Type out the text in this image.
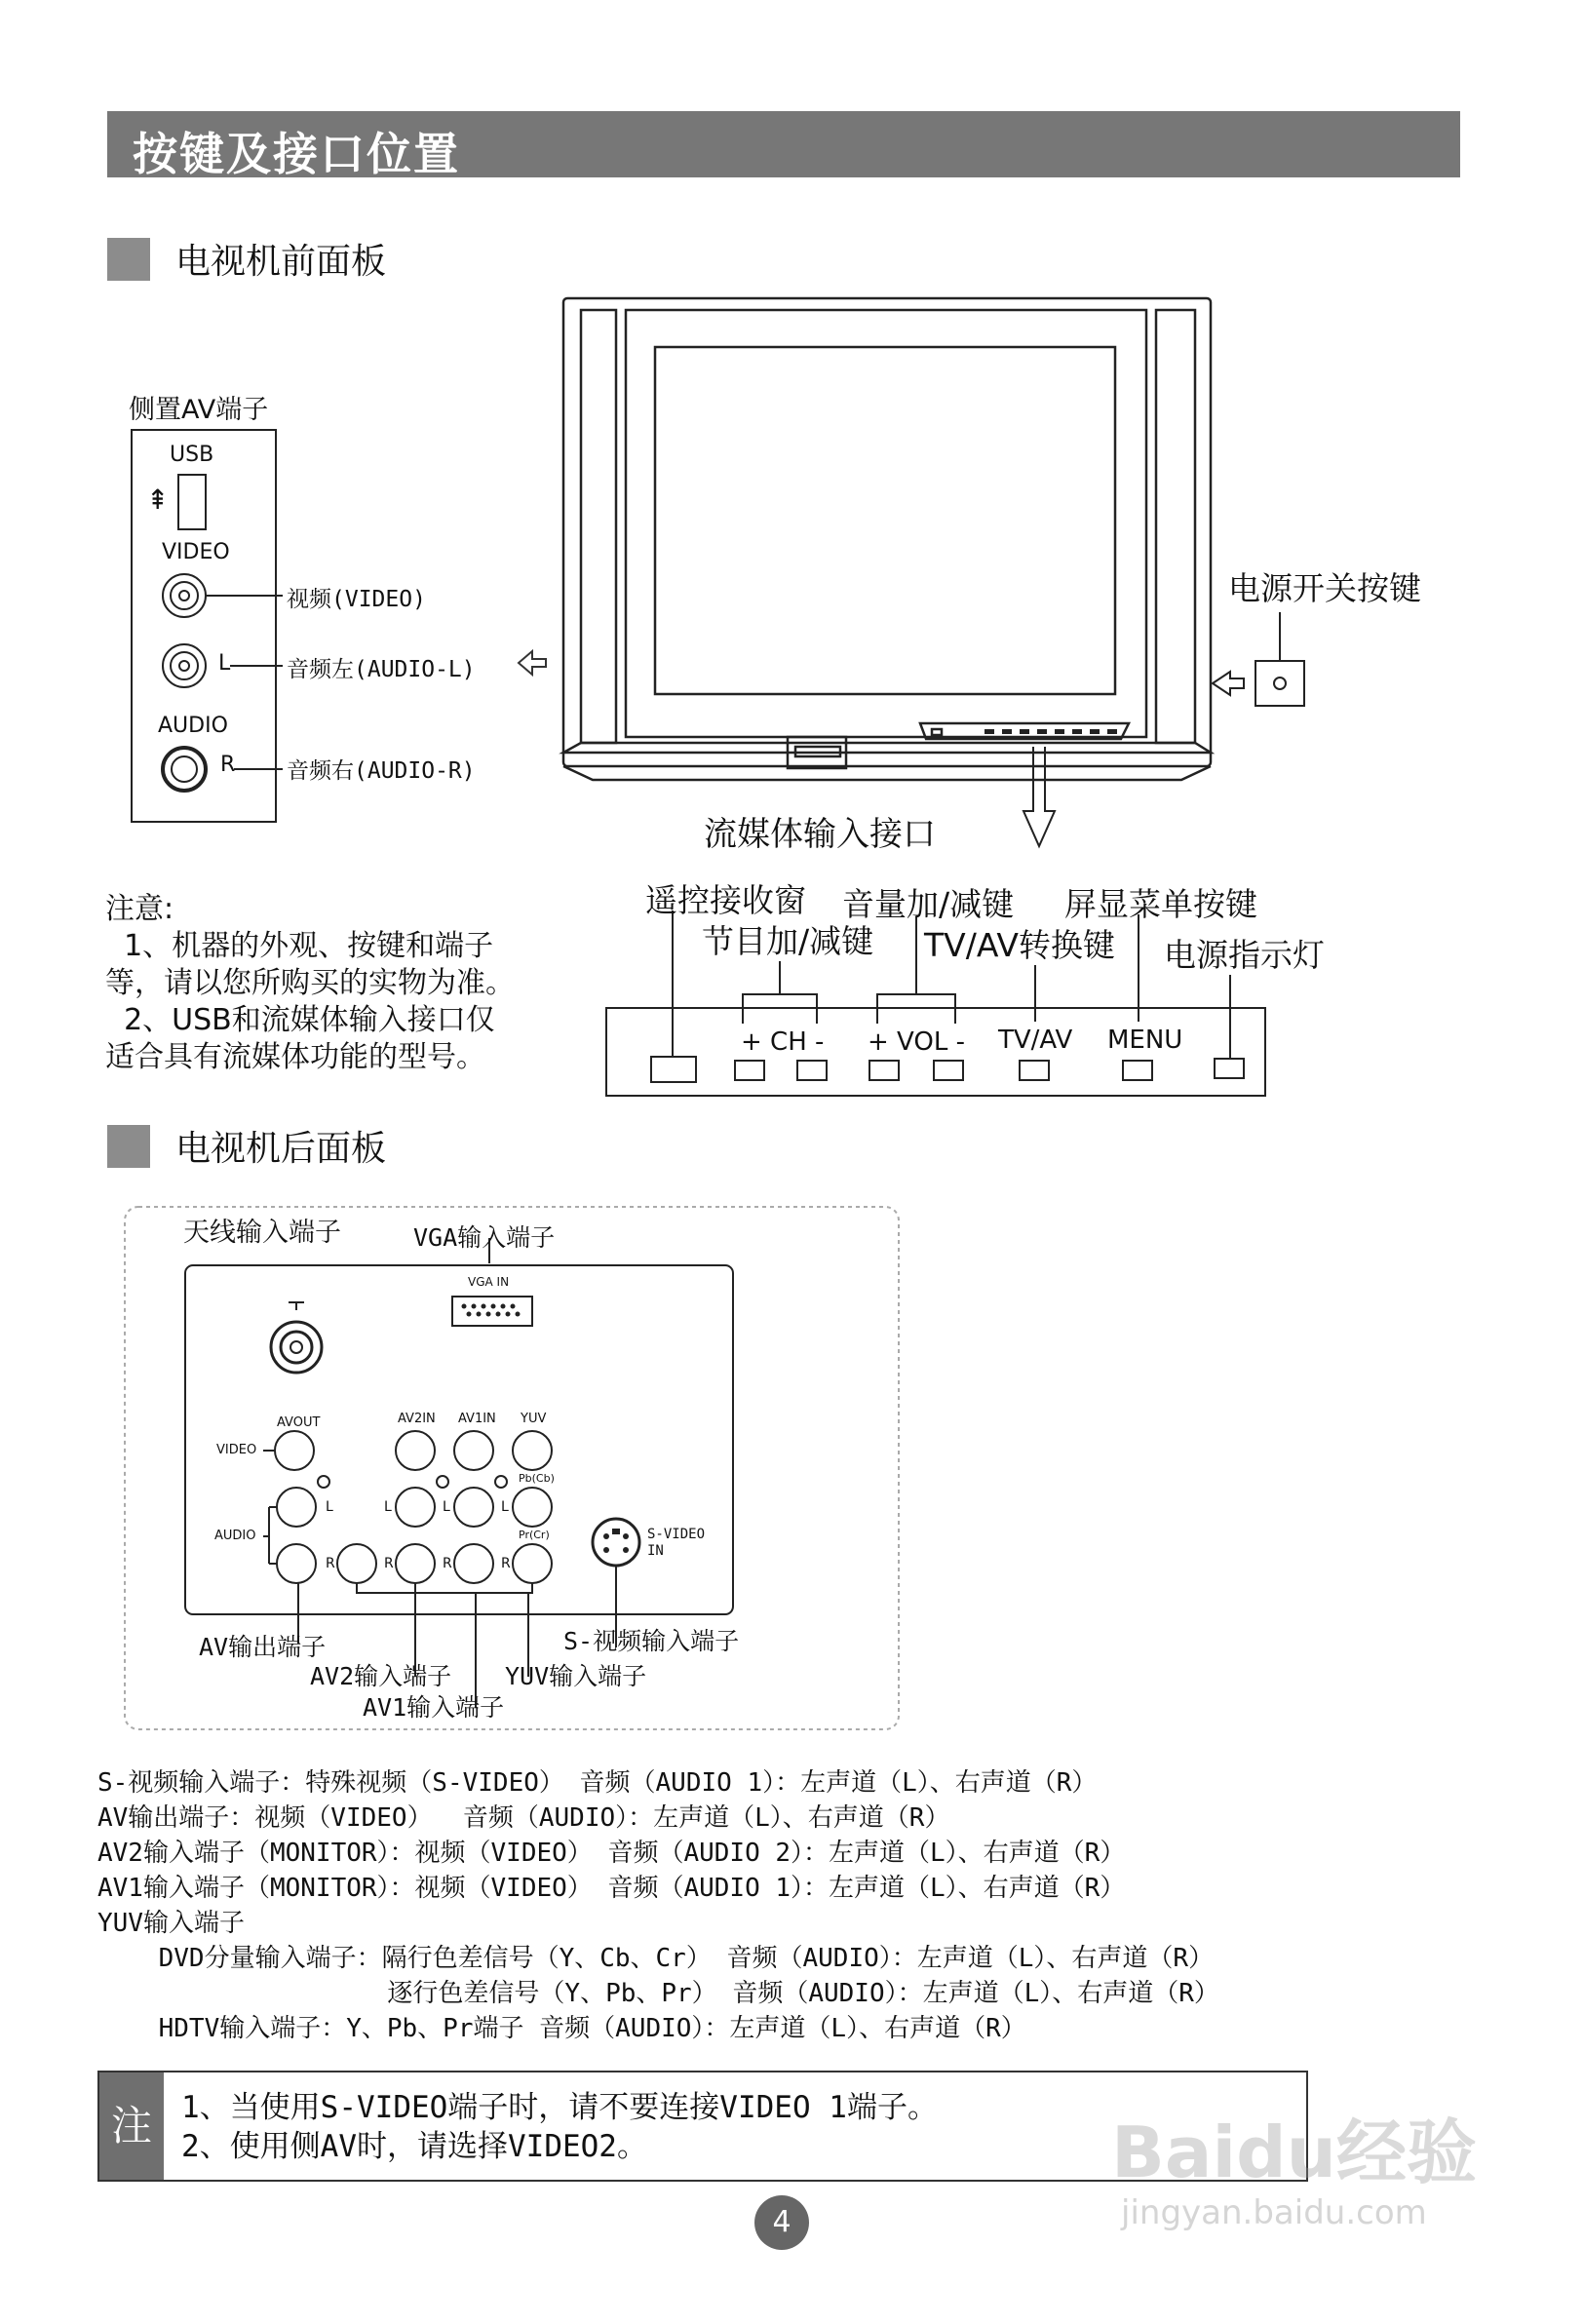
按键及接口位置
电视机前面板
侧置AV端子
USB
⇞
VIDEO
AUDIO
L
R
视频(VIDEO)
音频左(AUDIO-L)
音频右(AUDIO-R)
电源开关按键
流媒体输入接口
注意:
1、机器的外观、按键和端子
等，请以您所购买的实物为准。
2、USB和流媒体输入接口仅
适合具有流媒体功能的型号。
遥控接收窗 音量加/减键 屏显菜单按键
节目加/减键 TV/AV转换键 电源指示灯
+ CH - + VOL - TV/AV MENU
电视机后面板
天线输入端子	VGA输入端子
VGA IN
AVOUT	AV2IN AV1IN YUV
VIDEO
AUDIO
Pb(Cb)
Pr(Cr)
L	L	L	L
R	R	R	R
S-VIDEO
IN
AV输出端子	S-视频输入端子
AV2输入端子 YUV输入端子
AV1输入端子
S-视频输入端子：特殊视频（S-VIDEO） 音频（AUDIO 1）：左声道（L）、右声道（R）
AV输出端子：视频（VIDEO）  音频（AUDIO）：左声道（L）、右声道（R）
AV2输入端子（MONITOR）：视频（VIDEO） 音频（AUDIO 2）：左声道（L）、右声道（R）
AV1输入端子（MONITOR）：视频（VIDEO） 音频（AUDIO 1）：左声道（L）、右声道（R）
YUV输入端子
DVD分量输入端子：隔行色差信号（Y、Cb、Cr） 音频（AUDIO）：左声道（L）、右声道（R）
逐行色差信号（Y、Pb、Pr） 音频（AUDIO）：左声道（L）、右声道（R）
HDTV输入端子：Y、Pb、Pr端子 音频（AUDIO）：左声道（L）、右声道（R）
注 1、当使用S-VIDEO端子时，请不要连接VIDEO 1端子。
2、使用侧AV时，请选择VIDEO2。
4
Baidu经验
jingyan.baidu.com
